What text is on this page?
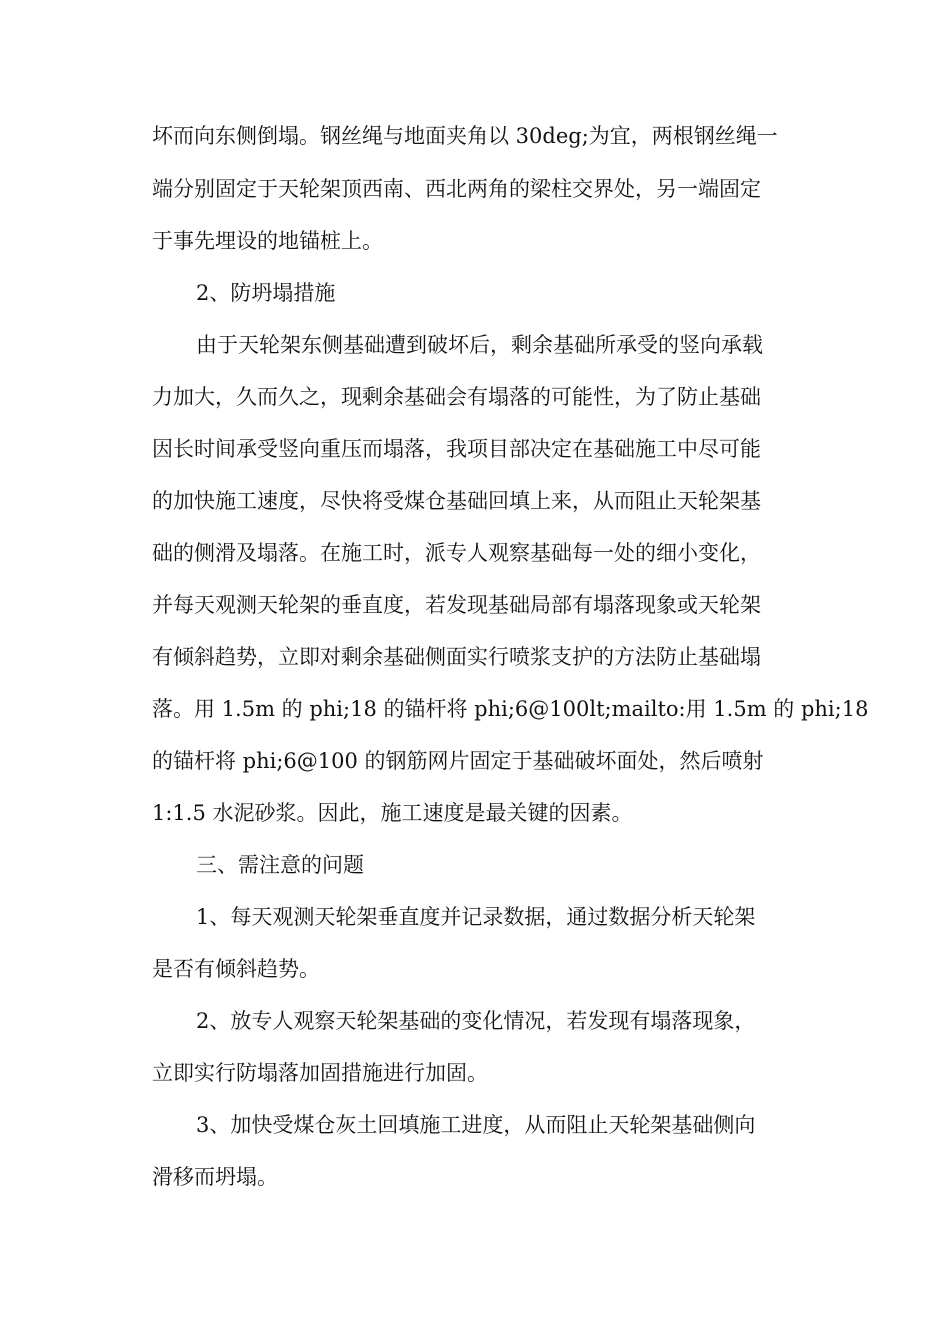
坏而向东侧倒塌。钢丝绳与地面夹角以 30deg;为宜，两根钢丝绳一
端分别固定于天轮架顶西南、西北两角的梁柱交界处，另一端固定
于事先埋设的地锚桩上。
2、防坍塌措施
由于天轮架东侧基础遭到破坏后，剩余基础所承受的竖向承载
力加大，久而久之，现剩余基础会有塌落的可能性，为了防止基础
因长时间承受竖向重压而塌落，我项目部决定在基础施工中尽可能
的加快施工速度，尽快将受煤仓基础回填上来，从而阻止天轮架基
础的侧滑及塌落。在施工时，派专人观察基础每一处的细小变化，
并每天观测天轮架的垂直度，若发现基础局部有塌落现象或天轮架
有倾斜趋势，立即对剩余基础侧面实行喷浆支护的方法防止基础塌
落。用 1.5m 的 phi;18 的锚杆将 phi;6@100lt;mailto:用 1.5m 的 phi;18
的锚杆将 phi;6@100 的钢筋网片固定于基础破坏面处，然后喷射
1:1.5 水泥砂浆。因此，施工速度是最关键的因素。
三、需注意的问题
1、每天观测天轮架垂直度并记录数据，通过数据分析天轮架
是否有倾斜趋势。
2、放专人观察天轮架基础的变化情况，若发现有塌落现象，
立即实行防塌落加固措施进行加固。
3、加快受煤仓灰土回填施工进度，从而阻止天轮架基础侧向
滑移而坍塌。
